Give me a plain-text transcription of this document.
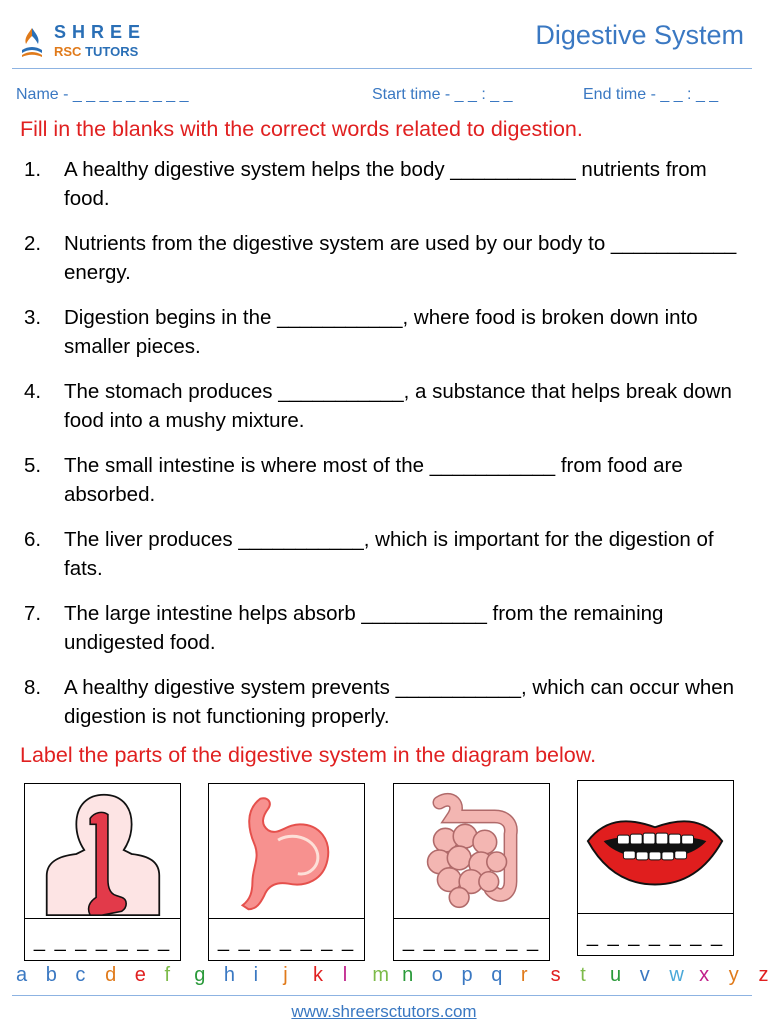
SHREE
RSC TUTORS
Digestive System
Name - _ _ _ _ _ _ _ _ _	Start time - _ _ : _ _	End time - _ _ : _ _
Fill in the blanks with the correct words related to digestion.
1.	A healthy digestive system helps the body ___________ nutrients from food.
2.	Nutrients from the digestive system are used by our body to ___________ energy.
3.	Digestion begins in the ___________, where food is broken down into smaller pieces.
4.	The stomach produces ___________, a substance that helps break down food into a mushy mixture.
5.	The small intestine is where most of the ___________ from food are absorbed.
6.	The liver produces ___________, which is important for the digestion of fats.
7.	The large intestine helps absorb ___________ from the remaining undigested food.
8.	A healthy digestive system prevents ___________, which can occur when digestion is not functioning properly.
Label the parts of the digestive system in the diagram below.
_ _ _ _ _ _ _	_ _ _ _ _ _ _	_ _ _ _ _ _ _	_ _ _ _ _ _ _
a b c d e f g h i j k l m n o p q r s t u v w x y z
www.shreersctutors.com
